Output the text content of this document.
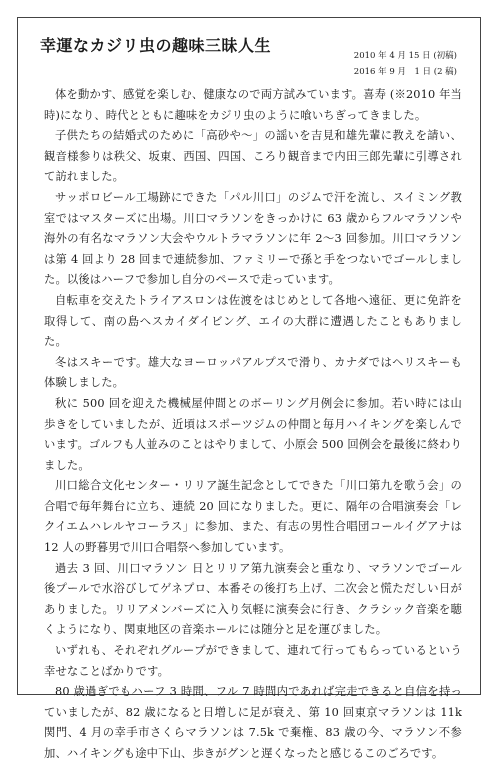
幸運なカジリ虫の趣味三昧人生
2010 年 4 月 15 日 (初稿)
2016 年 9 月　1 日 (2 稿)

体を動かす、感覚を楽しむ、健康なので両方試みています。喜寿 (※2010 年当時)になり、時代とともに趣味をカジリ虫のように喰いちぎってきました。

子供たちの結婚式のために「高砂や〜」の謡いを吉見和雄先輩に教えを請い、観音様参りは秩父、坂東、西国、四国、ころり観音まで内田三郎先輩に引導されて訪れました。

サッポロビール工場跡にできた「パル川口」のジムで汗を流し、スイミング教室ではマスターズに出場。川口マラソンをきっかけに 63 歳からフルマラソンや海外の有名なマラソン大会やウルトラマラソンに年 2〜3 回参加。川口マラソンは第 4 回より 28 回まで連続参加、ファミリーで孫と手をつないでゴールしました。以後はハーフで参加し自分のペースで走っています。

自転車を交えたトライアスロンは佐渡をはじめとして各地へ遠征、更に免許を取得して、南の島へスカイダイビング、エイの大群に遭遇したこともありました。

冬はスキーです。雄大なヨーロッパアルプスで滑り、カナダではヘリスキーも体験しました。

秋に 500 回を迎えた機械屋仲間とのボーリング月例会に参加。若い時には山歩きをしていましたが、近頃はスポーツジムの仲間と毎月ハイキングを楽しんでいます。ゴルフも人並みのことはやりまして、小原会 500 回例会を最後に終わりました。

川口総合文化センター・リリア誕生記念としてできた「川口第九を歌う会」の合唱で毎年舞台に立ち、連続 20 回になりました。更に、隔年の合唱演奏会「レクイエムハレルヤコーラス」に参加、また、有志の男性合唱団コールイグアナは 12 人の野暮男で川口合唱祭へ参加しています。

過去 3 回、川口マラソン 日とリリア第九演奏会と重なり、マラソンでゴール後プールで水浴びしてゲネプロ、本番その後打ち上げ、二次会と慌ただしい日がありました。リリアメンバーズに入り気軽に演奏会に行き、クラシック音楽を聴くようになり、関東地区の音楽ホールには随分と足を運びました。

いずれも、それぞれグループができまして、連れて行ってもらっているという幸せなことばかりです。

80 歳過ぎでもハーフ 3 時間、フル 7 時間内であれば完走できると自信を持っていましたが、82 歳になると日増しに足が衰え、第 10 回東京マラソンは 11k 関門、4 月の幸手市さくらマラソンは 7.5k で棄権、83 歳の今、マラソン不参加、ハイキングも途中下山、歩きがグンと遅くなったと感じるこのごろです。
